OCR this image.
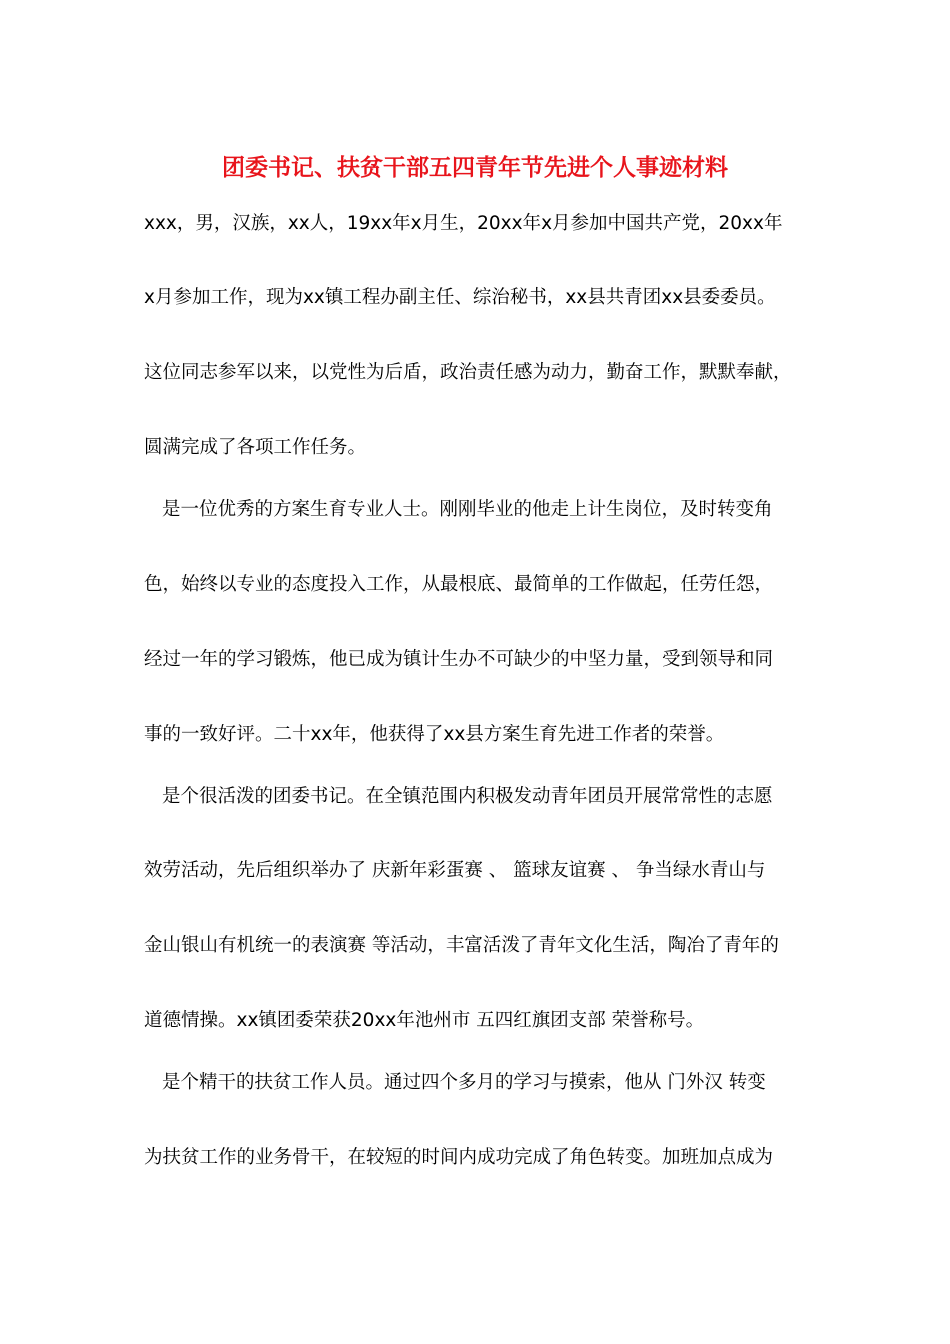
团委书记、扶贫干部五四青年节先进个人事迹材料
xxx，男，汉族，xx人，19xx年x月生，20xx年x月参加中国共产党，20xx年
x月参加工作，现为xx镇工程办副主任、综治秘书，xx县共青团xx县委委员。
这位同志参军以来，以党性为后盾，政治责任感为动力，勤奋工作，默默奉献，
圆满完成了各项工作任务。
是一位优秀的方案生育专业人士。刚刚毕业的他走上计生岗位，及时转变角
色，始终以专业的态度投入工作，从最根底、最简单的工作做起，任劳任怨，
经过一年的学习锻炼，他已成为镇计生办不可缺少的中坚力量，受到领导和同
事的一致好评。二十xx年，他获得了xx县方案生育先进工作者的荣誉。
是个很活泼的团委书记。在全镇范围内积极发动青年团员开展常常性的志愿
效劳活动，先后组织举办了 庆新年彩蛋赛 、 篮球友谊赛 、 争当绿水青山与
金山银山有机统一的表演赛 等活动，丰富活泼了青年文化生活，陶冶了青年的
道德情操。xx镇团委荣获20xx年池州市 五四红旗团支部 荣誉称号。
是个精干的扶贫工作人员。通过四个多月的学习与摸索，他从 门外汉 转变
为扶贫工作的业务骨干，在较短的时间内成功完成了角色转变。加班加点成为
